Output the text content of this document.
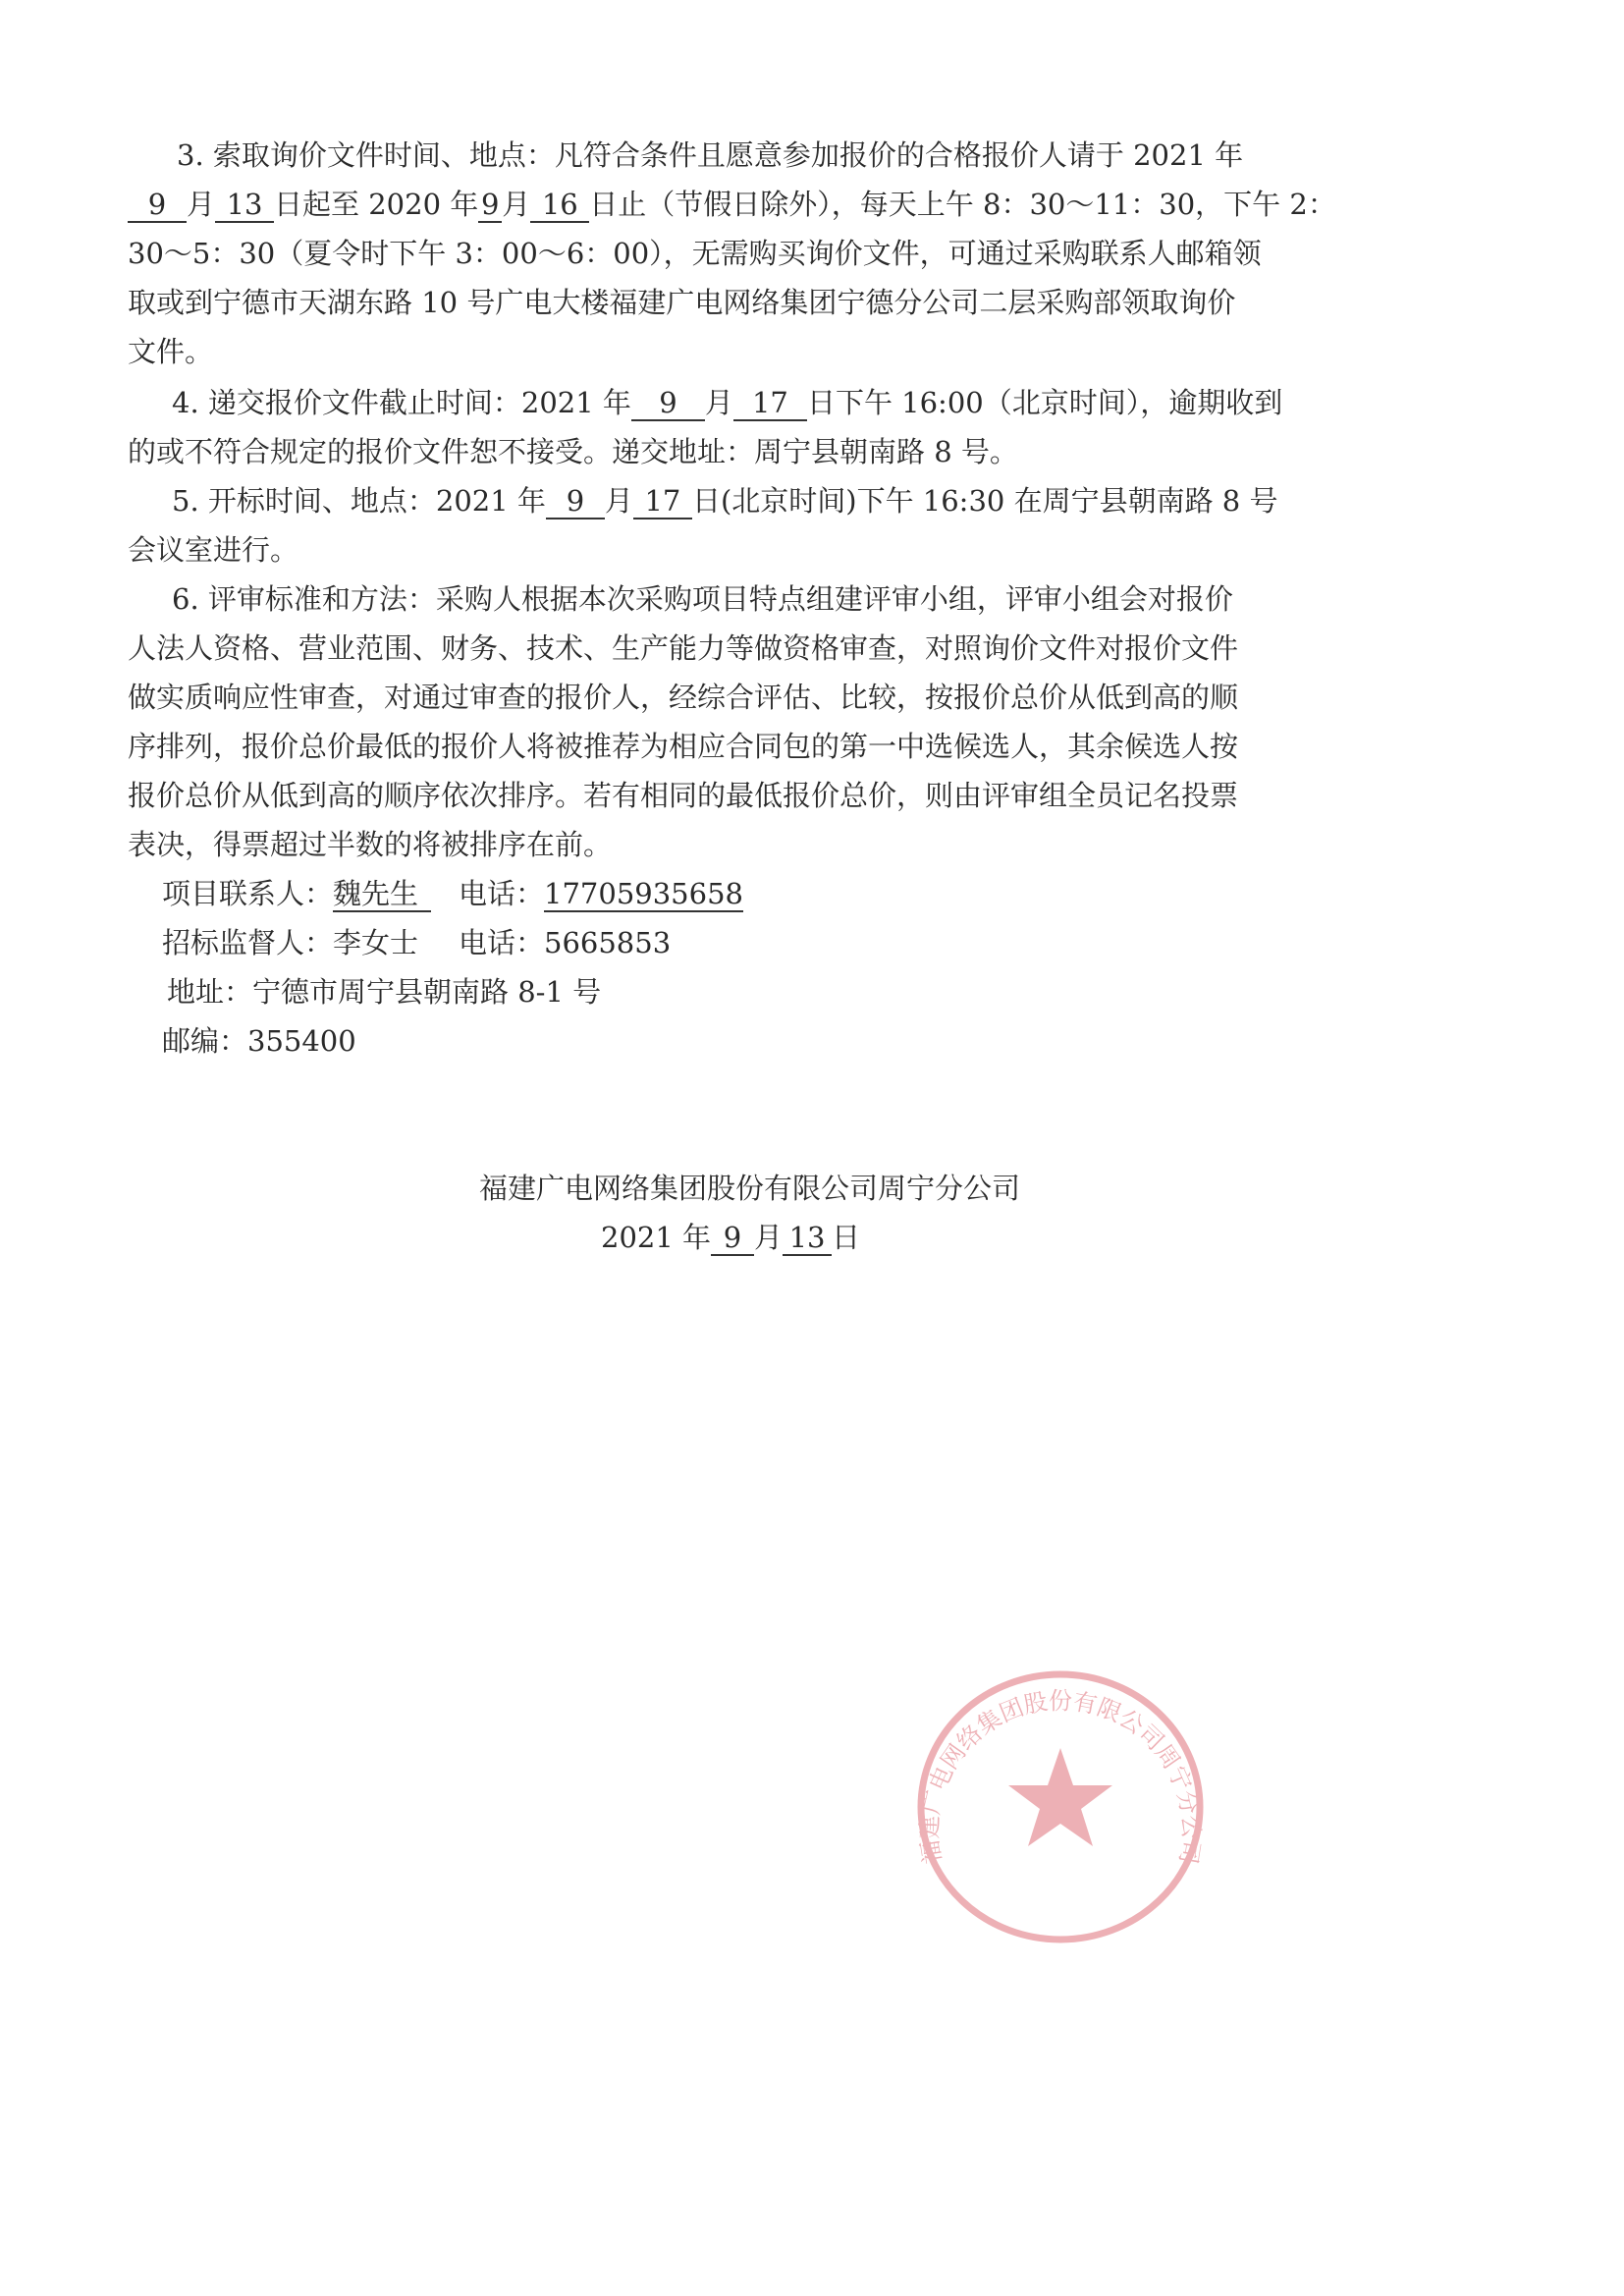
3. 索取询价文件时间、地点：凡符合条件且愿意参加报价的合格报价人请于 2021 年
9 月 13 日起至 2020 年9月 16 日止（节假日除外），每天上午 8：30～11：30，下午 2：
30～5：30（夏令时下午 3：00～6：00），无需购买询价文件，可通过采购联系人邮箱领
取或到宁德市天湖东路 10 号广电大楼福建广电网络集团宁德分公司二层采购部领取询价
文件。
4. 递交报价文件截止时间：2021 年 9 月 17 日下午 16:00（北京时间），逾期收到
的或不符合规定的报价文件恕不接受。递交地址：周宁县朝南路 8 号。
5. 开标时间、地点：2021 年 9 月 17 日(北京时间)下午 16:30 在周宁县朝南路 8 号
会议室进行。
6. 评审标准和方法：采购人根据本次采购项目特点组建评审小组，评审小组会对报价
人法人资格、营业范围、财务、技术、生产能力等做资格审查，对照询价文件对报价文件
做实质响应性审查，对通过审查的报价人，经综合评估、比较，按报价总价从低到高的顺
序排列，报价总价最低的报价人将被推荐为相应合同包的第一中选候选人，其余候选人按
报价总价从低到高的顺序依次排序。若有相同的最低报价总价，则由评审组全员记名投票
表决，得票超过半数的将被排序在前。
项目联系人：魏先生	电话：17705935658
招标监督人：李女士 电话：5665853
地址：宁德市周宁县朝南路 8-1 号
邮编：355400
福建广电网络集团股份有限公司周宁分公司
福建广电网络集团股份有限公司周宁分公司
2021 年 9 月 13 日
